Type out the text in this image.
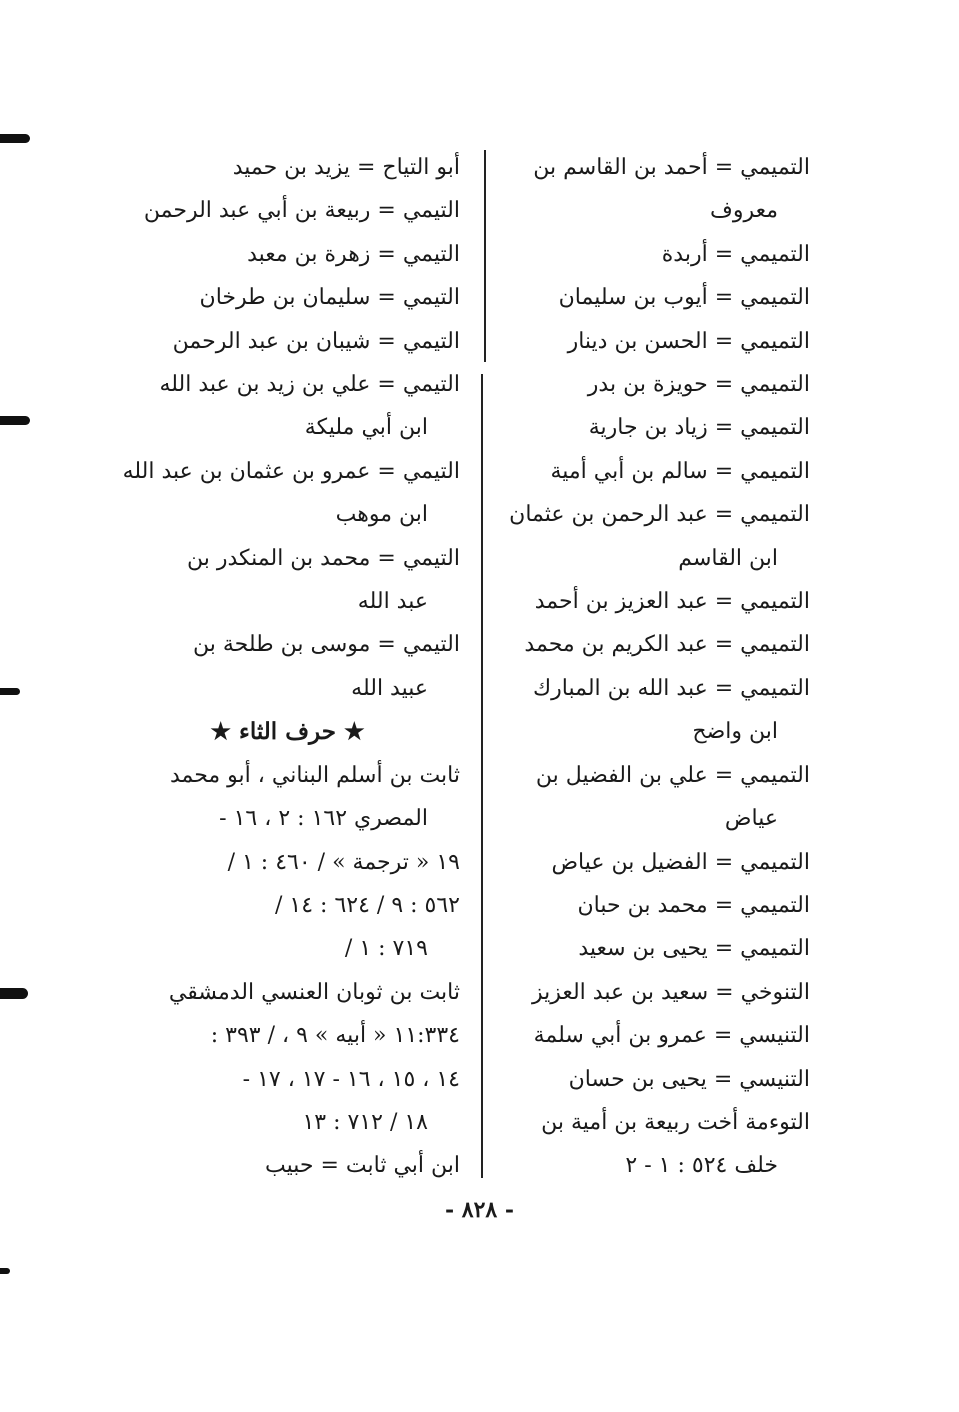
التميمي = أحمد بن القاسم بن
معروف
التميمي = أربدة
التميمي = أيوب بن سليمان
التميمي = الحسن بن دينار
التميمي = حويزة بن بدر
التميمي = زياد بن جارية
التميمي = سالم بن أبي أمية
التميمي = عبد الرحمن بن عثمان
ابن القاسم
التميمي = عبد العزيز بن أحمد
التميمي = عبد الكريم بن محمد
التميمي = عبد الله بن المبارك
ابن واضح
التميمي = علي بن الفضيل بن
عياض
التميمي = الفضيل بن عياض
التميمي = محمد بن حبان
التميمي = يحيى بن سعيد
التنوخي = سعيد بن عبد العزيز
التنيسي = عمرو بن أبي سلمة
التنيسي = يحيى بن حسان
التوءمة أخت ربيعة بن أمية بن
خلف ٥٢٤ : ١ - ٢
أبو التياح = يزيد بن حميد
التيمي = ربيعة بن أبي عبد الرحمن
التيمي = زهرة بن معبد
التيمي = سليمان بن طرخان
التيمي = شيبان بن عبد الرحمن
التيمي = علي بن زيد بن عبد الله
ابن أبي مليكة
التيمي = عمرو بن عثمان بن عبد الله
ابن موهب
التيمي = محمد بن المنكدر بن
عبد الله
التيمي = موسى بن طلحة بن
عبيد الله
★ حرف الثاء ★
ثابت بن أسلم البناني ، أبو محمد
المصري ١٦٢ : ٢ ، ١٦ -
١٩ « ترجمة » / ٤٦٠ : ١ /
٥٦٢ : ٩ / ٦٢٤ : ١٤ /
٧١٩ : ١ /
ثابت بن ثوبان العنسي الدمشقي
١١:٣٣٤ « أبيه » ٩ ، / ٣٩٣ :
١٤ ، ١٥ ، ١٦ - ١٧ ، ١٧ -
١٨ / ٧١٢ : ١٣
ابن أبي ثابت = حبيب
- ٨٢٨ -
